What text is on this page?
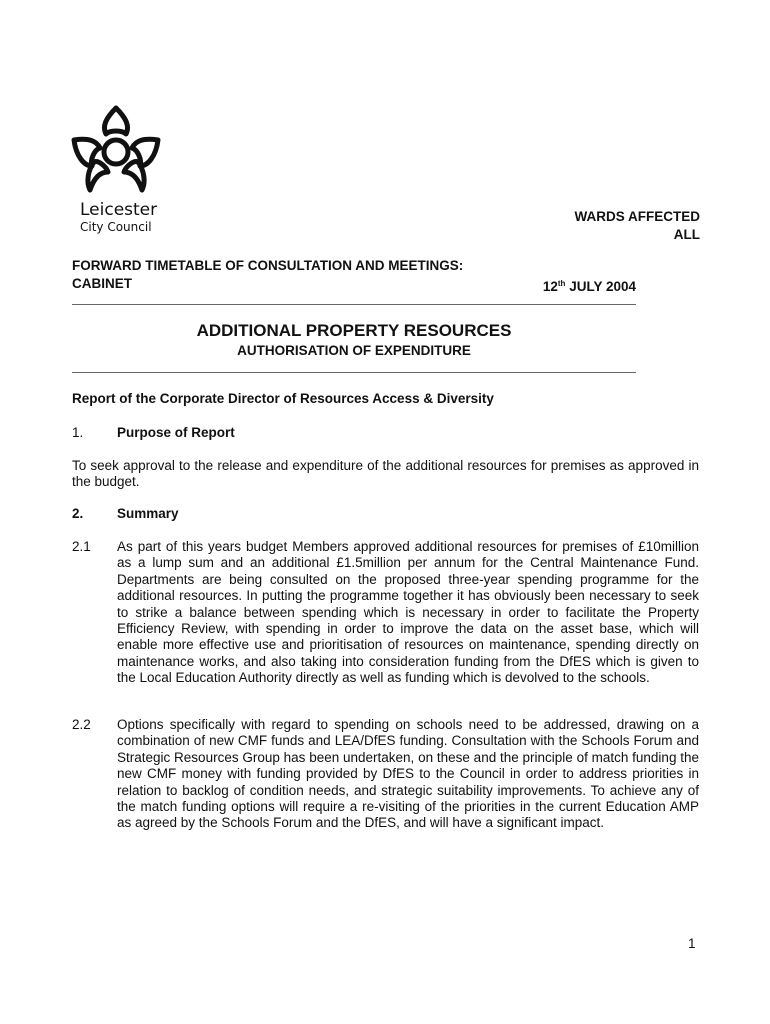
Leicester
City Council
WARDS AFFECTED
ALL
FORWARD TIMETABLE OF CONSULTATION AND MEETINGS:
CABINET	12th JULY 2004
ADDITIONAL PROPERTY RESOURCES
AUTHORISATION OF EXPENDITURE
Report of the Corporate Director of Resources Access & Diversity
1.	Purpose of Report
To seek approval to the release and expenditure of the additional resources for premises as approved in the budget.
2.	Summary
2.1	As part of this years budget Members approved additional resources for premises of £10million as a lump sum and an additional £1.5million per annum for the Central Maintenance Fund. Departments are being consulted on the proposed three-year spending programme for the additional resources. In putting the programme together it has obviously been necessary to seek to strike a balance between spending which is necessary in order to facilitate the Property Efficiency Review, with spending in order to improve the data on the asset base, which will enable more effective use and prioritisation of resources on maintenance, spending directly on maintenance works, and also taking into consideration funding from the DfES which is given to the Local Education Authority directly as well as funding which is devolved to the schools.
2.2	Options specifically with regard to spending on schools need to be addressed, drawing on a combination of new CMF funds and LEA/DfES funding. Consultation with the Schools Forum and Strategic Resources Group has been undertaken, on these and the principle of match funding the new CMF money with funding provided by DfES to the Council in order to address priorities in relation to backlog of condition needs, and strategic suitability improvements. To achieve any of the match funding options will require a re-visiting of the priorities in the current Education AMP as agreed by the Schools Forum and the DfES, and will have a significant impact.
1
